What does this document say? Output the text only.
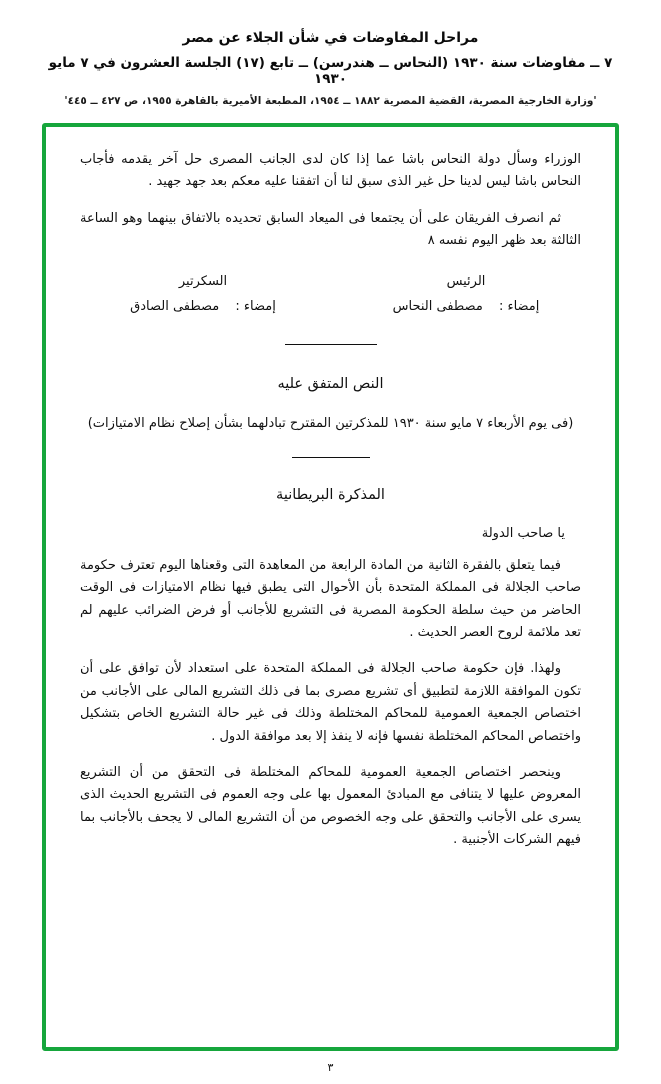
مراحل المفاوضات في شأن الجلاء عن مصر
٧ ــ مفاوضات سنة ١٩٣٠ (النحاس ــ هندرسن) ــ تابع (١٧) الجلسة العشرون في ٧ مايو ١٩٣٠
'وزارة الخارجية المصرية، القضية المصرية ١٨٨٢ ــ ١٩٥٤، المطبعة الأميرية بالقاهرة ١٩٥٥، ص ٤٢٧ ــ ٤٤٥'

الوزراء وسأل دولة النحاس باشا عما إذا كان لدى الجانب المصرى حل آخر يقدمه فأجاب النحاس باشا ليس لدينا حل غير الذى سبق لنا أن اتفقنا عليه معكم بعد جهد جهيد .

ثم انصرف الفريقان على أن يجتمعا فى الميعاد السابق تحديده بالاتفاق بينهما وهو الساعة الثالثة بعد ظهر اليوم نفسه ٨

الرئيس
السكرتير
إمضاء : مصطفى النحاس
إمضاء : مصطفى الصادق

النص المتفق عليه

(فى يوم الأربعاء ٧ مايو سنة ١٩٣٠ للمذكرتين المقترح تبادلهما بشأن إصلاح نظام الامتيازات)

المذكرة البريطانية

يا صاحب الدولة

فيما يتعلق بالفقرة الثانية من المادة الرابعة من المعاهدة التى وقعناها اليوم تعترف حكومة صاحب الجلالة فى المملكة المتحدة بأن الأحوال التى يطبق فيها نظام الامتيازات فى الوقت الحاضر من حيث سلطة الحكومة المصرية فى التشريع للأجانب أو فرض الضرائب عليهم لم تعد ملائمة لروح العصر الحديث .

ولهذا. فإن حكومة صاحب الجلالة فى المملكة المتحدة على استعداد لأن توافق على أن تكون الموافقة اللازمة لتطبيق أى تشريع مصرى بما فى ذلك التشريع المالى على الأجانب من اختصاص الجمعية العمومية للمحاكم المختلطة وذلك فى غير حالة التشريع الخاص بتشكيل واختصاص المحاكم المختلطة نفسها فإنه لا ينفذ إلا بعد موافقة الدول .

وينحصر اختصاص الجمعية العمومية للمحاكم المختلطة فى التحقق من أن التشريع المعروض عليها لا يتنافى مع المبادئ المعمول بها على وجه العموم فى التشريع الحديث الذى يسرى على الأجانب والتحقق على وجه الخصوص من أن التشريع المالى لا يجحف بالأجانب بما فيهم الشركات الأجنبية .

٣
